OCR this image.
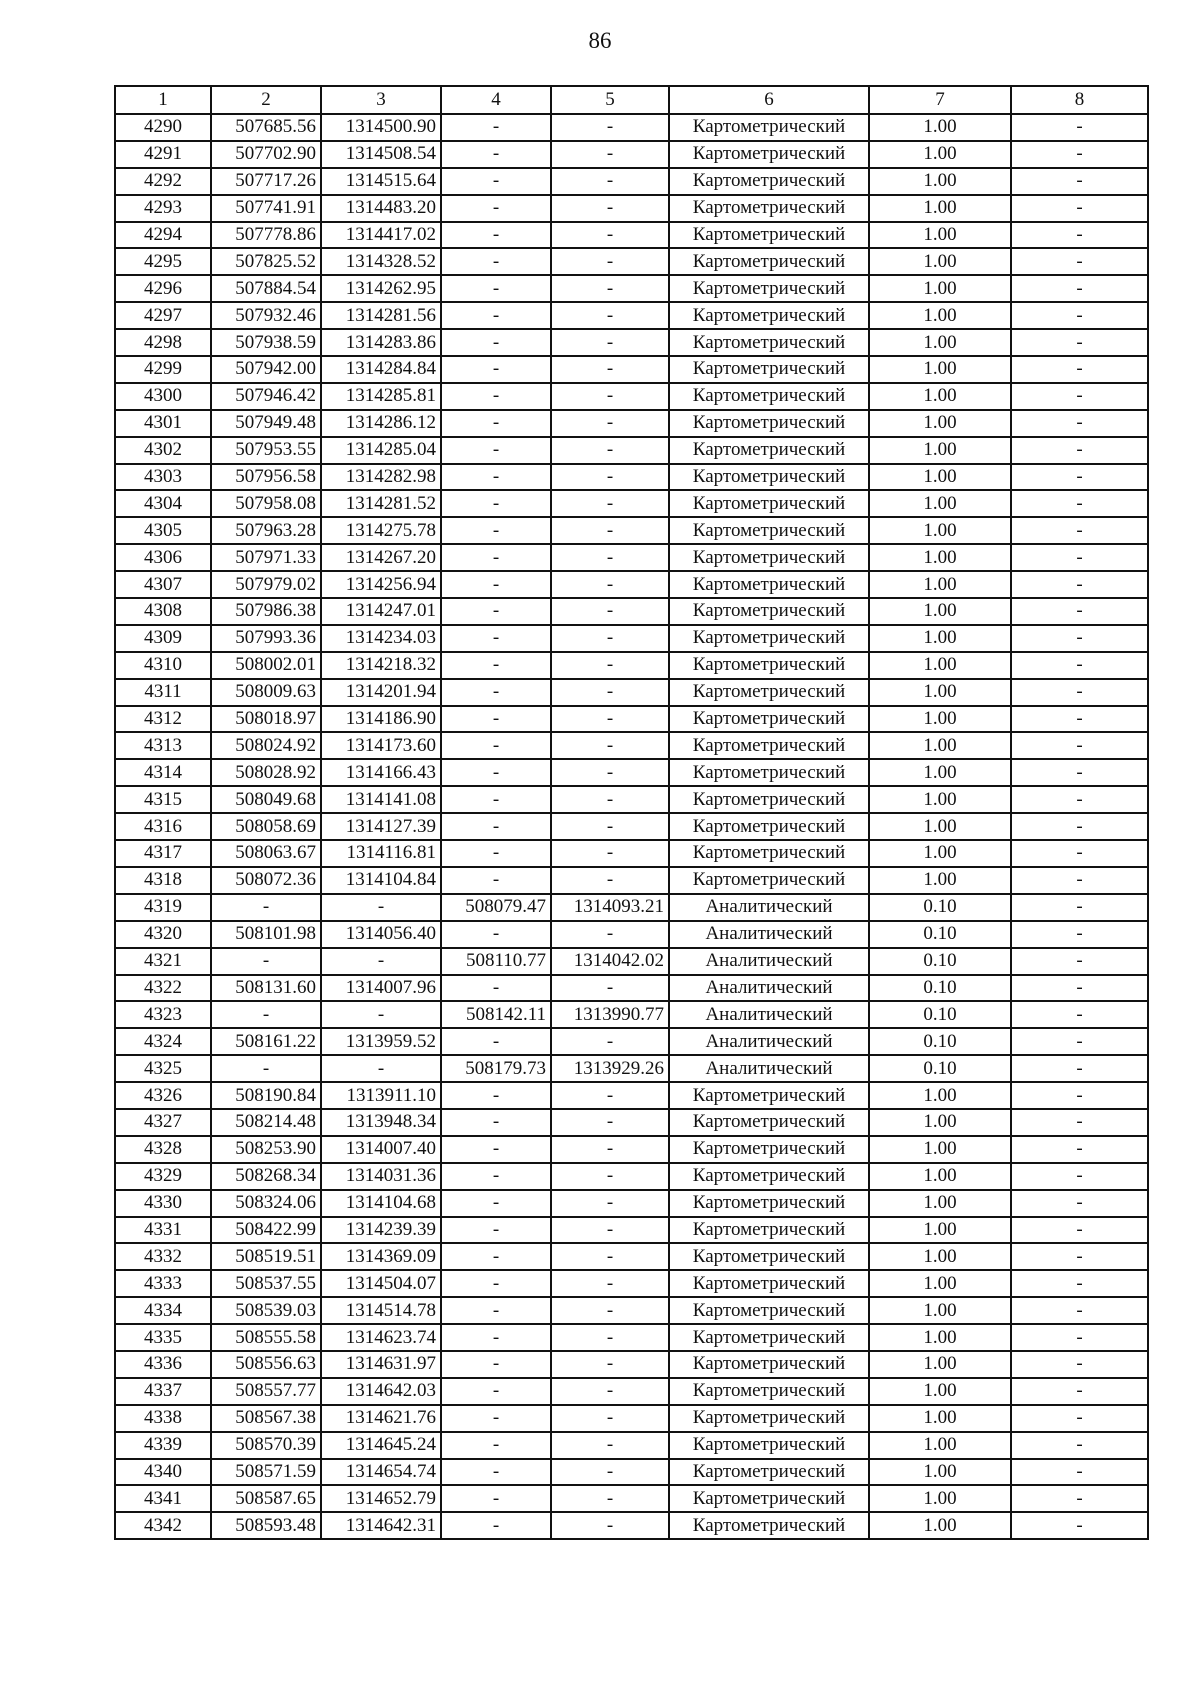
86
1	2	3	4	5	6	7	8
4290	507685.56	1314500.90	-	-	Картометрический	1.00	-
4291	507702.90	1314508.54	-	-	Картометрический	1.00	-
4292	507717.26	1314515.64	-	-	Картометрический	1.00	-
4293	507741.91	1314483.20	-	-	Картометрический	1.00	-
4294	507778.86	1314417.02	-	-	Картометрический	1.00	-
4295	507825.52	1314328.52	-	-	Картометрический	1.00	-
4296	507884.54	1314262.95	-	-	Картометрический	1.00	-
4297	507932.46	1314281.56	-	-	Картометрический	1.00	-
4298	507938.59	1314283.86	-	-	Картометрический	1.00	-
4299	507942.00	1314284.84	-	-	Картометрический	1.00	-
4300	507946.42	1314285.81	-	-	Картометрический	1.00	-
4301	507949.48	1314286.12	-	-	Картометрический	1.00	-
4302	507953.55	1314285.04	-	-	Картометрический	1.00	-
4303	507956.58	1314282.98	-	-	Картометрический	1.00	-
4304	507958.08	1314281.52	-	-	Картометрический	1.00	-
4305	507963.28	1314275.78	-	-	Картометрический	1.00	-
4306	507971.33	1314267.20	-	-	Картометрический	1.00	-
4307	507979.02	1314256.94	-	-	Картометрический	1.00	-
4308	507986.38	1314247.01	-	-	Картометрический	1.00	-
4309	507993.36	1314234.03	-	-	Картометрический	1.00	-
4310	508002.01	1314218.32	-	-	Картометрический	1.00	-
4311	508009.63	1314201.94	-	-	Картометрический	1.00	-
4312	508018.97	1314186.90	-	-	Картометрический	1.00	-
4313	508024.92	1314173.60	-	-	Картометрический	1.00	-
4314	508028.92	1314166.43	-	-	Картометрический	1.00	-
4315	508049.68	1314141.08	-	-	Картометрический	1.00	-
4316	508058.69	1314127.39	-	-	Картометрический	1.00	-
4317	508063.67	1314116.81	-	-	Картометрический	1.00	-
4318	508072.36	1314104.84	-	-	Картометрический	1.00	-
4319	-	-	508079.47	1314093.21	Аналитический	0.10	-
4320	508101.98	1314056.40	-	-	Аналитический	0.10	-
4321	-	-	508110.77	1314042.02	Аналитический	0.10	-
4322	508131.60	1314007.96	-	-	Аналитический	0.10	-
4323	-	-	508142.11	1313990.77	Аналитический	0.10	-
4324	508161.22	1313959.52	-	-	Аналитический	0.10	-
4325	-	-	508179.73	1313929.26	Аналитический	0.10	-
4326	508190.84	1313911.10	-	-	Картометрический	1.00	-
4327	508214.48	1313948.34	-	-	Картометрический	1.00	-
4328	508253.90	1314007.40	-	-	Картометрический	1.00	-
4329	508268.34	1314031.36	-	-	Картометрический	1.00	-
4330	508324.06	1314104.68	-	-	Картометрический	1.00	-
4331	508422.99	1314239.39	-	-	Картометрический	1.00	-
4332	508519.51	1314369.09	-	-	Картометрический	1.00	-
4333	508537.55	1314504.07	-	-	Картометрический	1.00	-
4334	508539.03	1314514.78	-	-	Картометрический	1.00	-
4335	508555.58	1314623.74	-	-	Картометрический	1.00	-
4336	508556.63	1314631.97	-	-	Картометрический	1.00	-
4337	508557.77	1314642.03	-	-	Картометрический	1.00	-
4338	508567.38	1314621.76	-	-	Картометрический	1.00	-
4339	508570.39	1314645.24	-	-	Картометрический	1.00	-
4340	508571.59	1314654.74	-	-	Картометрический	1.00	-
4341	508587.65	1314652.79	-	-	Картометрический	1.00	-
4342	508593.48	1314642.31	-	-	Картометрический	1.00	-
